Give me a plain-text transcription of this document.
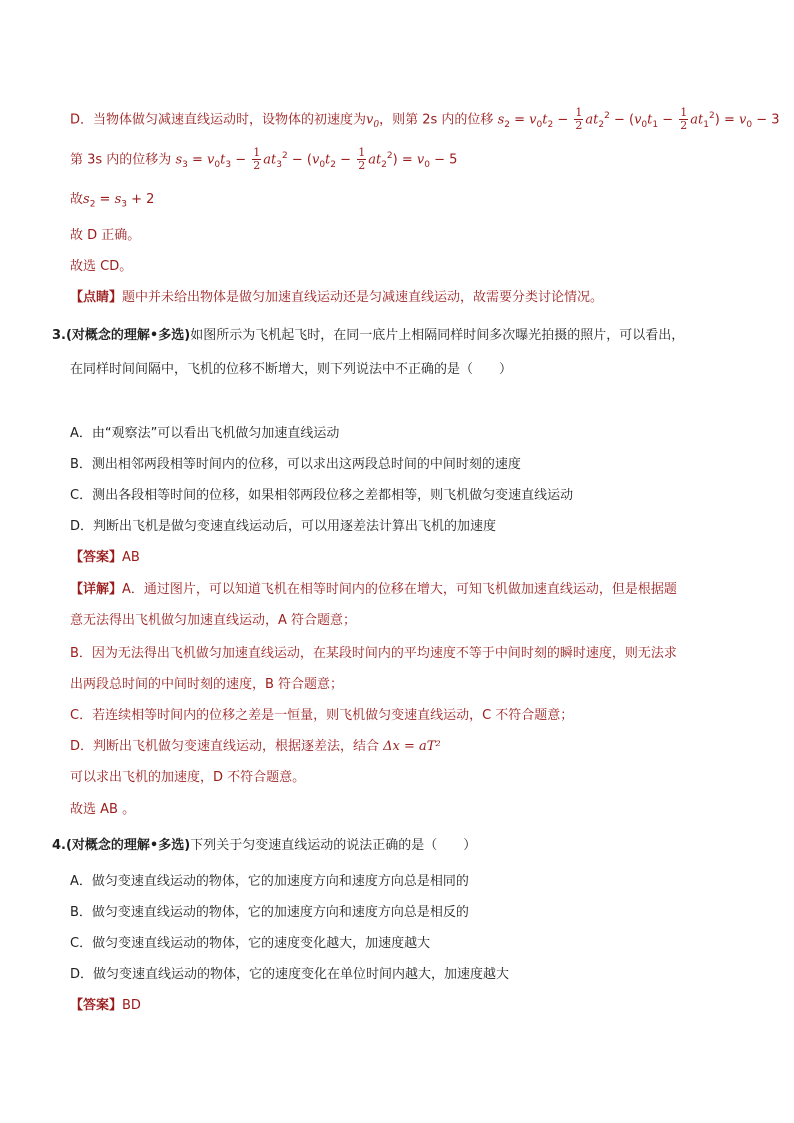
D．当物体做匀减速直线运动时，设物体的初速度为$v_0$，则第 2s 内的位移 $s_2 = v_0t_2 - \frac{1}{2} at_2^2 - (v_0t_1 - \frac{1}{2} at_1^2) = v_0 - 3$
第 3s 内的位移为 $s_3 = v_0t_3 - \frac{1}{2} at_3^2 - (v_0t_2 - \frac{1}{2} at_2^2) = v_0 - 5$
故$s_2 = s_3 + 2$
故 D 正确。
故选 CD。
【点睛】题中并未给出物体是做匀加速直线运动还是匀减速直线运动，故需要分类讨论情况。
3.(对概念的理解•多选)如图所示为飞机起飞时，在同一底片上相隔同样时间多次曝光拍摄的照片，可以看出，
在同样时间间隔中，飞机的位移不断增大，则下列说法中不正确的是（　　）
A．由“观察法”可以看出飞机做匀加速直线运动
B．测出相邻两段相等时间内的位移，可以求出这两段总时间的中间时刻的速度
C．测出各段相等时间的位移，如果相邻两段位移之差都相等，则飞机做匀变速直线运动
D．判断出飞机是做匀变速直线运动后，可以用逐差法计算出飞机的加速度
【答案】AB
【详解】A．通过图片，可以知道飞机在相等时间内的位移在增大，可知飞机做加速直线运动，但是根据题
意无法得出飞机做匀加速直线运动，A 符合题意；
B．因为无法得出飞机做匀加速直线运动，在某段时间内的平均速度不等于中间时刻的瞬时速度，则无法求
出两段总时间的中间时刻的速度，B 符合题意；
C．若连续相等时间内的位移之差是一恒量，则飞机做匀变速直线运动，C 不符合题意；
D．判断出飞机做匀变速直线运动，根据逐差法，结合 Δx = aT²
可以求出飞机的加速度，D 不符合题意。
故选 AB 。
4.(对概念的理解•多选)下列关于匀变速直线运动的说法正确的是（　　）
A．做匀变速直线运动的物体，它的加速度方向和速度方向总是相同的
B．做匀变速直线运动的物体，它的加速度方向和速度方向总是相反的
C．做匀变速直线运动的物体，它的速度变化越大，加速度越大
D．做匀变速直线运动的物体，它的速度变化在单位时间内越大，加速度越大
【答案】BD
